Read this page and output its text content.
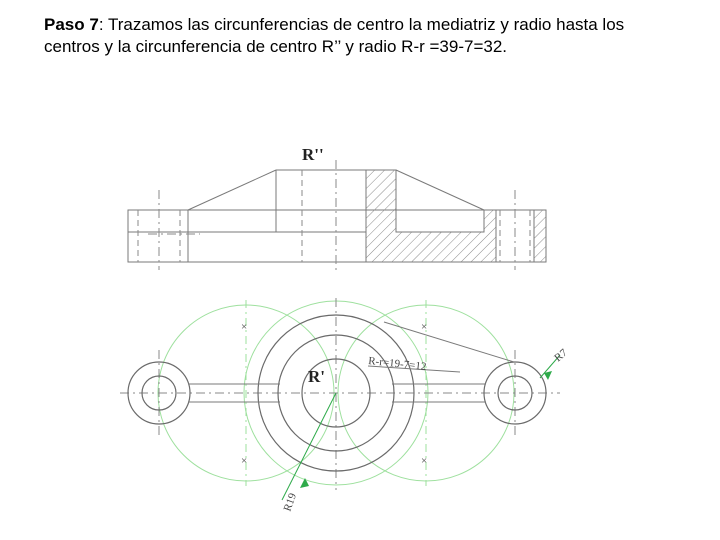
Paso 7: Trazamos las circunferencias de centro la mediatriz y radio hasta los centros y la circunferencia de centro R’’ y radio R-r =39-7=32.
R''
×
×
×
×
R'
R-r=19-7=12	R7
R19
